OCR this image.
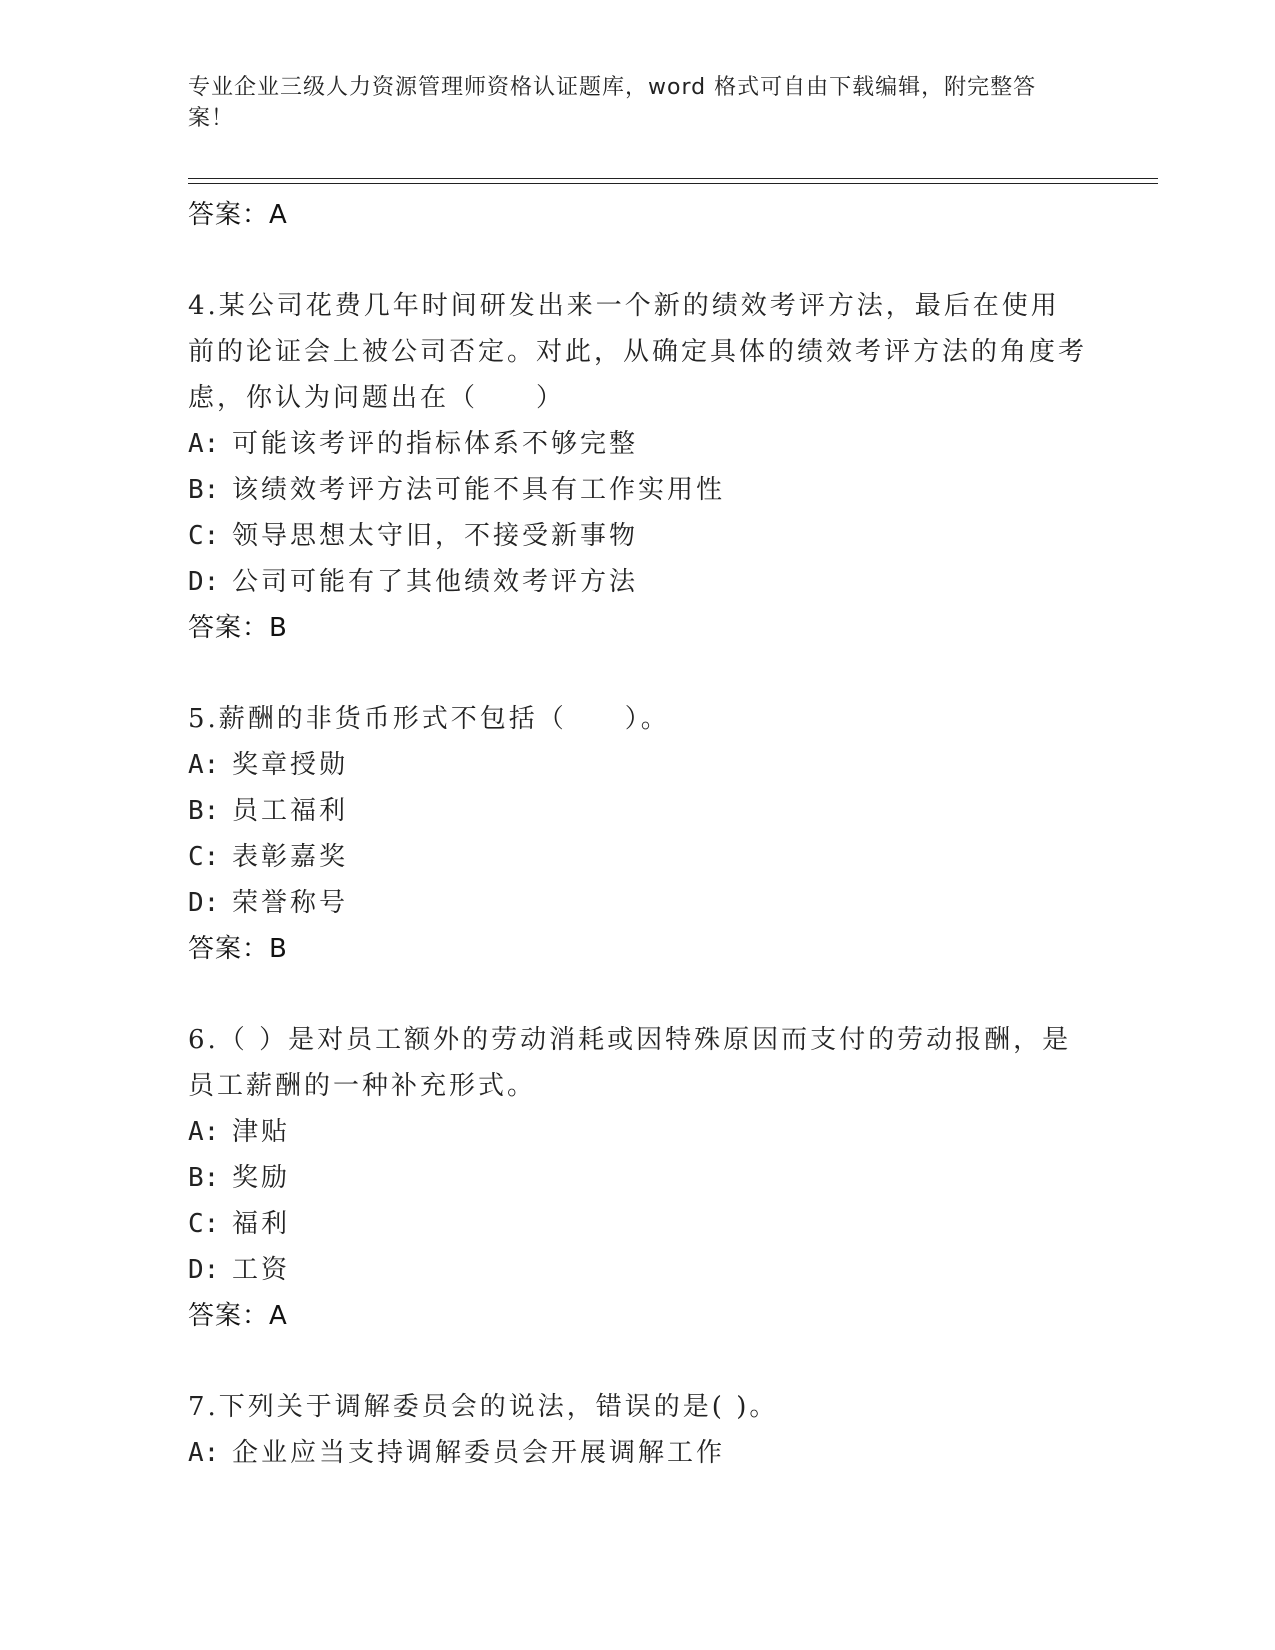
专业企业三级人力资源管理师资格认证题库，word 格式可自由下载编辑，附完整答案！
答案：A
4.某公司花费几年时间研发出来一个新的绩效考评方法，最后在使用前的论证会上被公司否定。对此，从确定具体的绩效考评方法的角度考虑，你认为问题出在（　　）
A: 可能该考评的指标体系不够完整
B: 该绩效考评方法可能不具有工作实用性
C: 领导思想太守旧，不接受新事物
D: 公司可能有了其他绩效考评方法
答案：B
5.薪酬的非货币形式不包括（　　）。
A: 奖章授勋
B: 员工福利
C: 表彰嘉奖
D: 荣誉称号
答案：B
6.（ ）是对员工额外的劳动消耗或因特殊原因而支付的劳动报酬，是员工薪酬的一种补充形式。
A: 津贴
B: 奖励
C: 福利
D: 工资
答案：A
7.下列关于调解委员会的说法，错误的是( )。
A: 企业应当支持调解委员会开展调解工作
